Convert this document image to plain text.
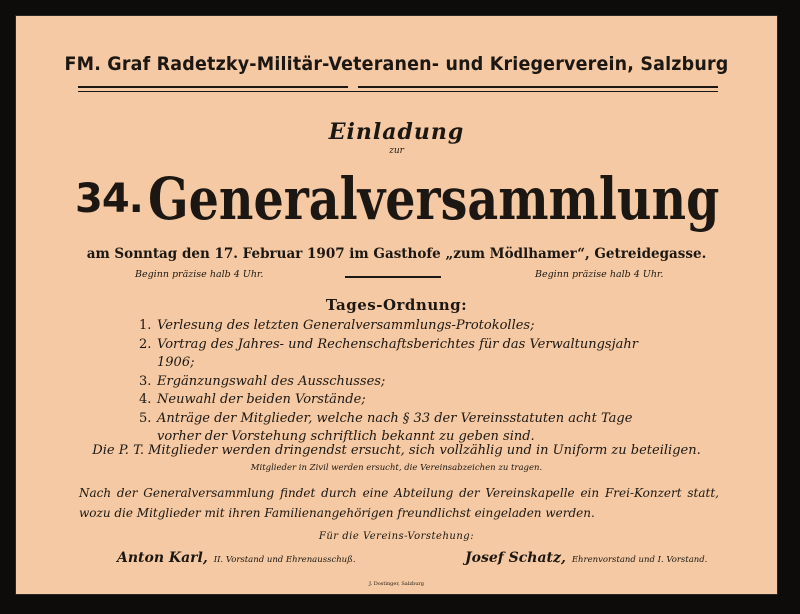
FM. Graf Radetzky-Militär-Veteranen- und Kriegerverein, Salzburg
Einladung
zur
34. Generalversammlung
am Sonntag den 17. Februar 1907 im Gasthofe „zum Mödlhamer“, Getreidegasse.
Beginn präzise halb 4 Uhr.	Beginn präzise halb 4 Uhr.
Tages-Ordnung:
1. Verlesung des letzten Generalversammlungs-Protokolles;
2. Vortrag des Jahres- und Rechenschaftsberichtes für das Verwaltungsjahr 1906;
3. Ergänzungswahl des Ausschusses;
4. Neuwahl der beiden Vorstände;
5. Anträge der Mitglieder, welche nach § 33 der Vereinsstatuten acht Tage vorher der Vorstehung schriftlich bekannt zu geben sind.
Die P. T. Mitglieder werden dringendst ersucht, sich vollzählig und in Uniform zu beteiligen.
Mitglieder in Zivil werden ersucht, die Vereinsabzeichen zu tragen.
Nach der Generalversammlung findet durch eine Abteilung der Vereinskapelle ein Frei-Konzert statt, wozu die Mitglieder mit ihren Familienangehörigen freundlichst eingeladen werden.
Für die Vereins-Vorstehung:
Anton Karl, II. Vorstand und Ehrenausschuß.	Josef Schatz, Ehrenvorstand und I. Vorstand.
J. Dostinger, Salzburg
